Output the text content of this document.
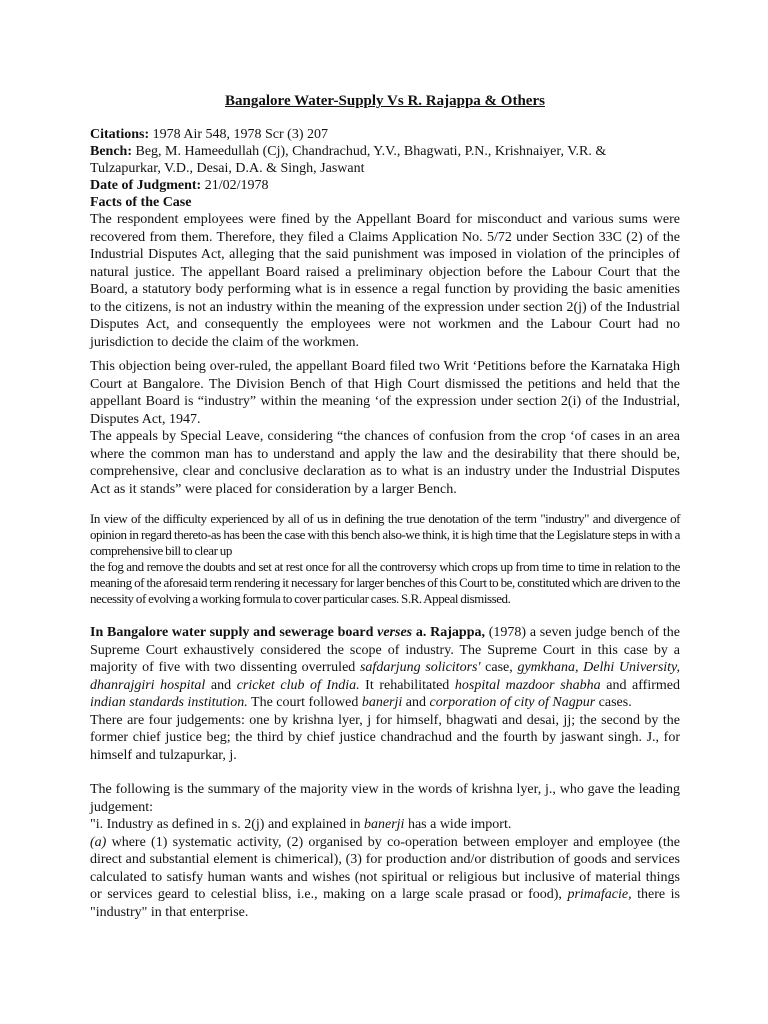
Bangalore Water-Supply Vs R. Rajappa & Others
Citations: 1978 Air 548, 1978 Scr (3) 207
Bench: Beg, M. Hameedullah (Cj), Chandrachud, Y.V., Bhagwati, P.N., Krishnaiyer, V.R. & Tulzapurkar, V.D., Desai, D.A. & Singh, Jaswant
Date of Judgment: 21/02/1978
Facts of the Case

The respondent employees were fined by the Appellant Board for misconduct and various sums were recovered from them. Therefore, they filed a Claims Application No. 5/72 under Section 33C (2) of the Industrial Disputes Act, alleging that the said punishment was imposed in violation of the principles of natural justice. The appellant Board raised a preliminary objection before the Labour Court that the Board, a statutory body performing what is in essence a regal function by providing the basic amenities to the citizens, is not an industry within the meaning of the expression under section 2(j) of the Industrial Disputes Act, and consequently the employees were not workmen and the Labour Court had no jurisdiction to decide the claim of the workmen.

This objection being over-ruled, the appellant Board filed two Writ ‘Petitions before the Karnataka High Court at Bangalore. The Division Bench of that High Court dismissed the petitions and held that the appellant Board is “industry” within the meaning ‘of the expression under section 2(i) of the Industrial, Disputes Act, 1947.

The appeals by Special Leave, considering “the chances of confusion from the crop ‘of cases in an area where the common man has to understand and apply the law and the desirability that there should be, comprehensive, clear and conclusive declaration as to what is an industry under the Industrial Disputes Act as it stands” were placed for consideration by a larger Bench.

In view of the difficulty experienced by all of us in defining the true denotation of the term "industry" and divergence of opinion in regard thereto-as has been the case with this bench also-we think, it is high time that the Legislature steps in with a comprehensive bill to clear up

the fog and remove the doubts and set at rest once for all the controversy which crops up from time to time in relation to the meaning of the aforesaid term rendering it necessary for larger benches of this Court to be, constituted which are driven to the necessity of evolving a working formula to cover particular cases. S.R. Appeal dismissed.

In Bangalore water supply and sewerage board verses a. Rajappa, (1978) a seven judge bench of the Supreme Court exhaustively considered the scope of industry. The Supreme Court in this case by a majority of five with two dissenting overruled safdarjung solicitors' case, gymkhana, Delhi University, dhanrajgiri hospital and cricket club of India. It rehabilitated hospital mazdoor shabha and affirmed indian standards institution. The court followed banerji and corporation of city of Nagpur cases.

There are four judgements: one by krishna lyer, j for himself, bhagwati and desai, jj; the second by the former chief justice beg; the third by chief justice chandrachud and the fourth by jaswant singh. J., for himself and tulzapurkar, j.

The following is the summary of the majority view in the words of krishna lyer, j., who gave the leading judgement:

"i. Industry as defined in s. 2(j) and explained in banerji has a wide import.

(a) where (1) systematic activity, (2) organised by co-operation between employer and employee (the direct and substantial element is chimerical), (3) for production and/or distribution of goods and services calculated to satisfy human wants and wishes (not spiritual or religious but inclusive of material things or services geard to celestial bliss, i.e., making on a large scale prasad or food), primafacie, there is "industry" in that enterprise.
